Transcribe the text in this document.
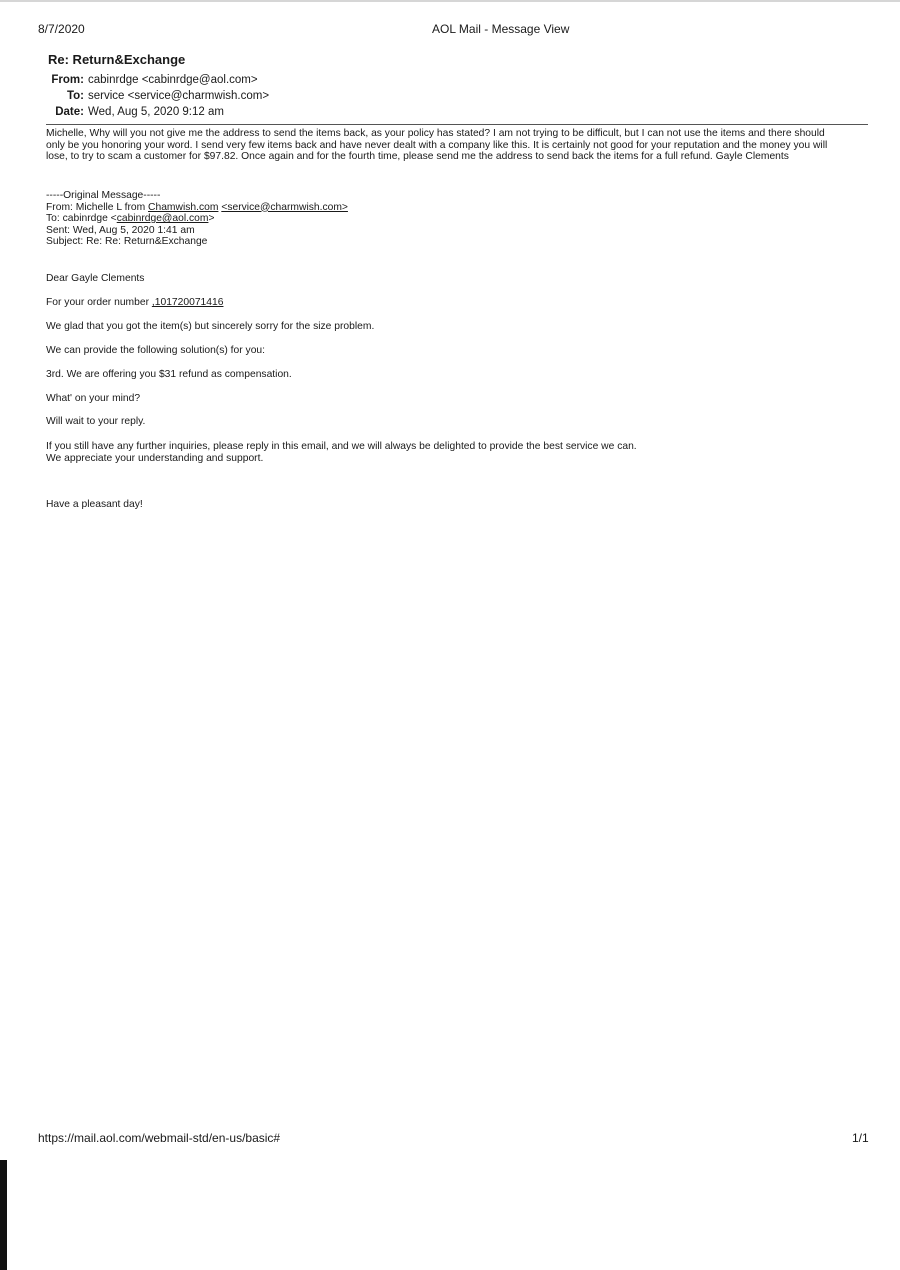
8/7/2020	AOL Mail - Message View
Re: Return&Exchange
From: cabinrdge <cabinrdge@aol.com>
To: service <service@charmwish.com>
Date: Wed, Aug 5, 2020 9:12 am
Michelle, Why will you not give me the address to send the items back, as your policy has stated? I am not trying to be difficult, but I can not use the items and there should
only be you honoring your word. I send very few items back and have never dealt with a company like this. It is certainly not good for your reputation and the money you will
lose, to try to scam a customer for $97.82. Once again and for the fourth time, please send me the address to send back the items for a full refund. Gayle Clements
-----Original Message-----
From: Michelle L from Chamwish.com <service@charmwish.com>
To: cabinrdge <cabinrdge@aol.com>
Sent: Wed, Aug 5, 2020 1:41 am
Subject: Re: Re: Return&Exchange
Dear Gayle Clements
For your order number ,101720071416
We glad that you got the item(s) but sincerely sorry for the size problem.
We can provide the following solution(s) for you:
3rd. We are offering you $31 refund as compensation.
What' on your mind?
Will wait to your reply.
If you still have any further inquiries, please reply in this email, and we will always be delighted to provide the best service we can.
We appreciate your understanding and support.
Have a pleasant day!
https://mail.aol.com/webmail-std/en-us/basic#	1/1
